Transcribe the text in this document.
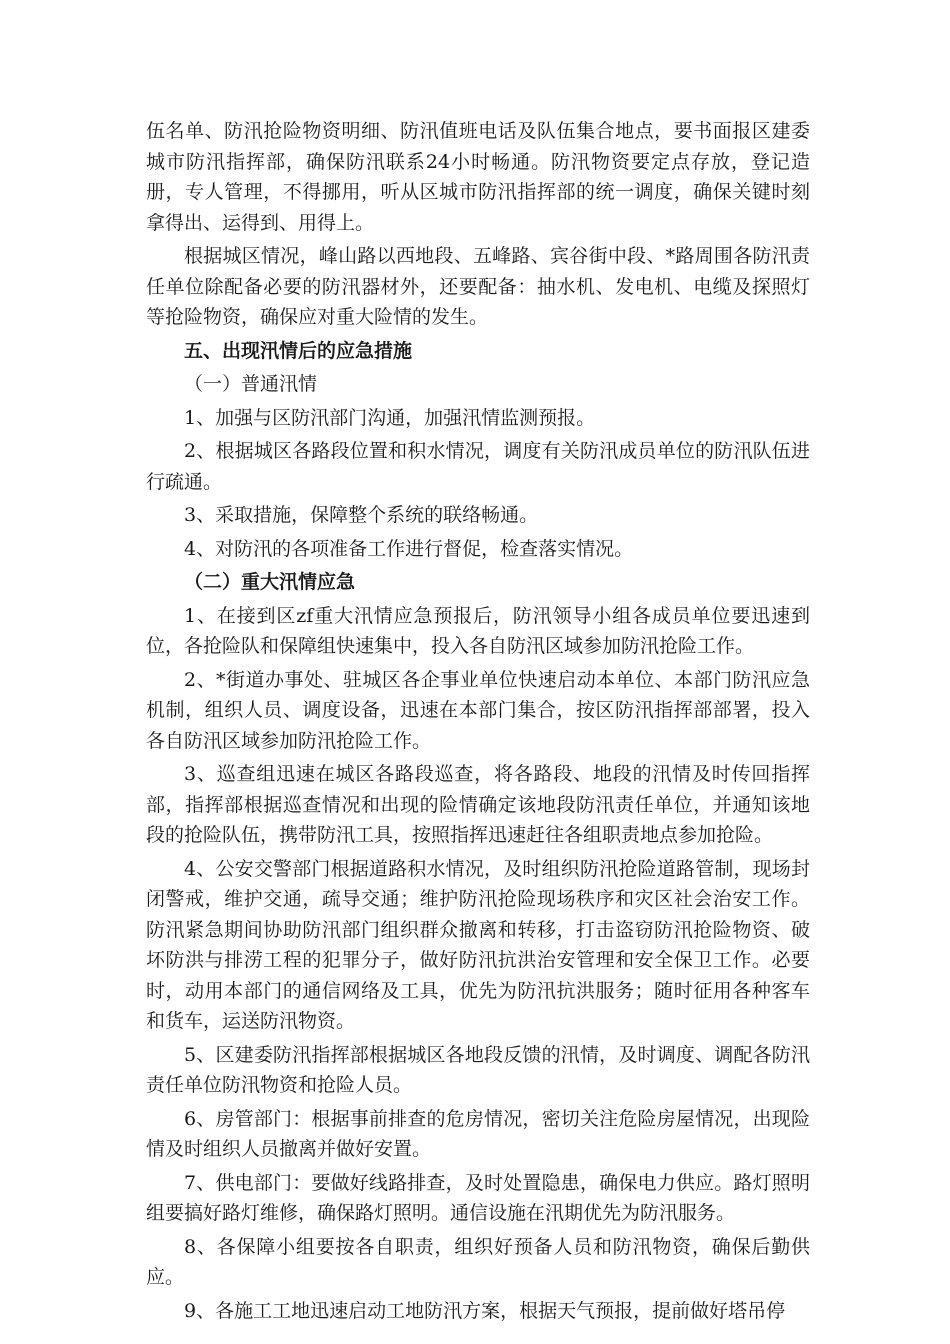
伍名单、防汛抢险物资明细、防汛值班电话及队伍集合地点，要书面报区建委城市防汛指挥部，确保防汛联系24小时畅通。防汛物资要定点存放，登记造册，专人管理，不得挪用，听从区城市防汛指挥部的统一调度，确保关键时刻拿得出、运得到、用得上。

根据城区情况，峰山路以西地段、五峰路、宾谷街中段、*路周围各防汛责任单位除配备必要的防汛器材外，还要配备：抽水机、发电机、电缆及探照灯等抢险物资，确保应对重大险情的发生。

五、出现汛情后的应急措施

（一）普通汛情

1、加强与区防汛部门沟通，加强汛情监测预报。

2、根据城区各路段位置和积水情况，调度有关防汛成员单位的防汛队伍进行疏通。

3、采取措施，保障整个系统的联络畅通。

4、对防汛的各项准备工作进行督促，检查落实情况。

（二）重大汛情应急

1、在接到区zf重大汛情应急预报后，防汛领导小组各成员单位要迅速到位，各抢险队和保障组快速集中，投入各自防汛区域参加防汛抢险工作。

2、*街道办事处、驻城区各企事业单位快速启动本单位、本部门防汛应急机制，组织人员、调度设备，迅速在本部门集合，按区防汛指挥部部署，投入各自防汛区域参加防汛抢险工作。

3、巡查组迅速在城区各路段巡查，将各路段、地段的汛情及时传回指挥部，指挥部根据巡查情况和出现的险情确定该地段防汛责任单位，并通知该地段的抢险队伍，携带防汛工具，按照指挥迅速赶往各组职责地点参加抢险。

4、公安交警部门根据道路积水情况，及时组织防汛抢险道路管制，现场封闭警戒，维护交通，疏导交通；维护防汛抢险现场秩序和灾区社会治安工作。防汛紧急期间协助防汛部门组织群众撤离和转移，打击盗窃防汛抢险物资、破坏防洪与排涝工程的犯罪分子，做好防汛抗洪治安管理和安全保卫工作。必要时，动用本部门的通信网络及工具，优先为防汛抗洪服务；随时征用各种客车和货车，运送防汛物资。

5、区建委防汛指挥部根据城区各地段反馈的汛情，及时调度、调配各防汛责任单位防汛物资和抢险人员。

6、房管部门：根据事前排查的危房情况，密切关注危险房屋情况，出现险情及时组织人员撤离并做好安置。

7、供电部门：要做好线路排查，及时处置隐患，确保电力供应。路灯照明组要搞好路灯维修，确保路灯照明。通信设施在汛期优先为防汛服务。

8、各保障小组要按各自职责，组织好预备人员和防汛物资，确保后勤供应。

9、各施工工地迅速启动工地防汛方案，根据天气预报，提前做好塔吊停
